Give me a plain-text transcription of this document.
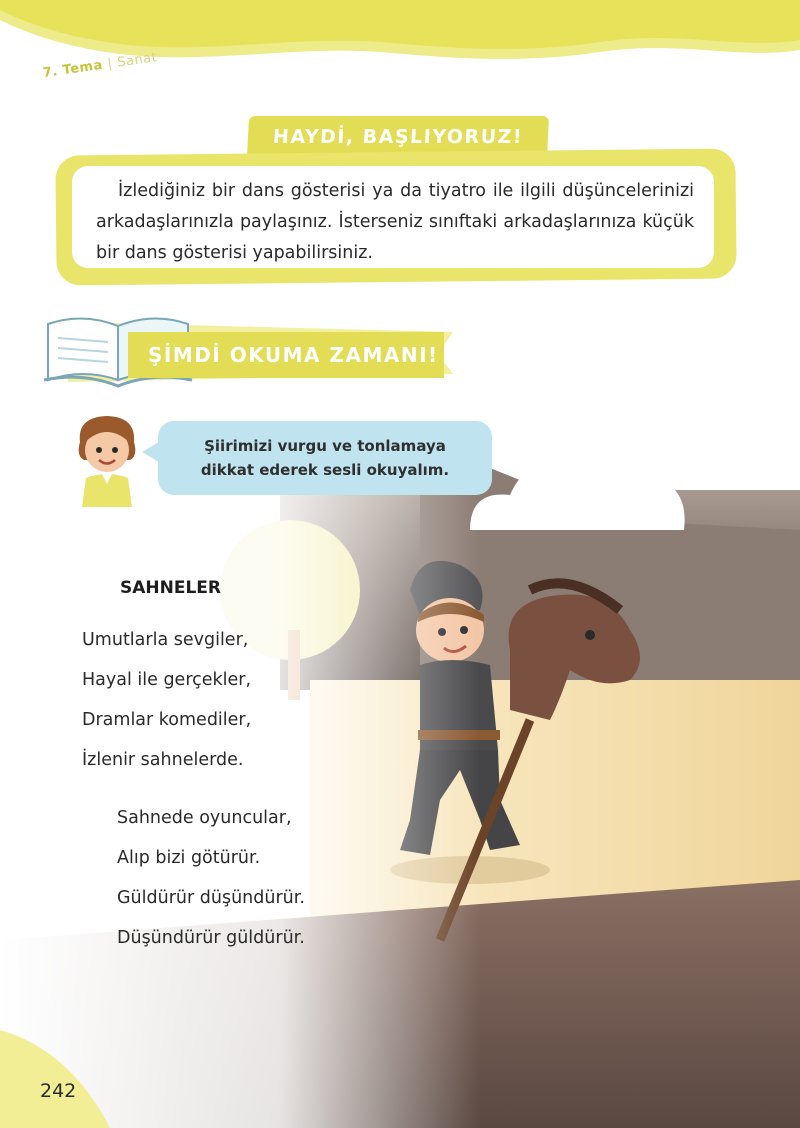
7. Tema | Sanat
HAYDİ, BAŞLIYORUZ!
İzlediğiniz bir dans gösterisi ya da tiyatro ile ilgili düşüncelerinizi arkadaşlarınızla paylaşınız. İsterseniz sınıftaki arkadaşlarınıza küçük bir dans gösterisi yapabilirsiniz.
ŞİMDİ OKUMA ZAMANI!
Şiirimizi vurgu ve tonlamaya
dikkat ederek sesli okuyalım.
SAHNELER
Umutlarla sevgiler,
Hayal ile gerçekler,
Dramlar komediler,
İzlenir sahnelerde.
Sahnede oyuncular,
Alıp bizi götürür.
Güldürür düşündürür.
Düşündürür güldürür.
242
